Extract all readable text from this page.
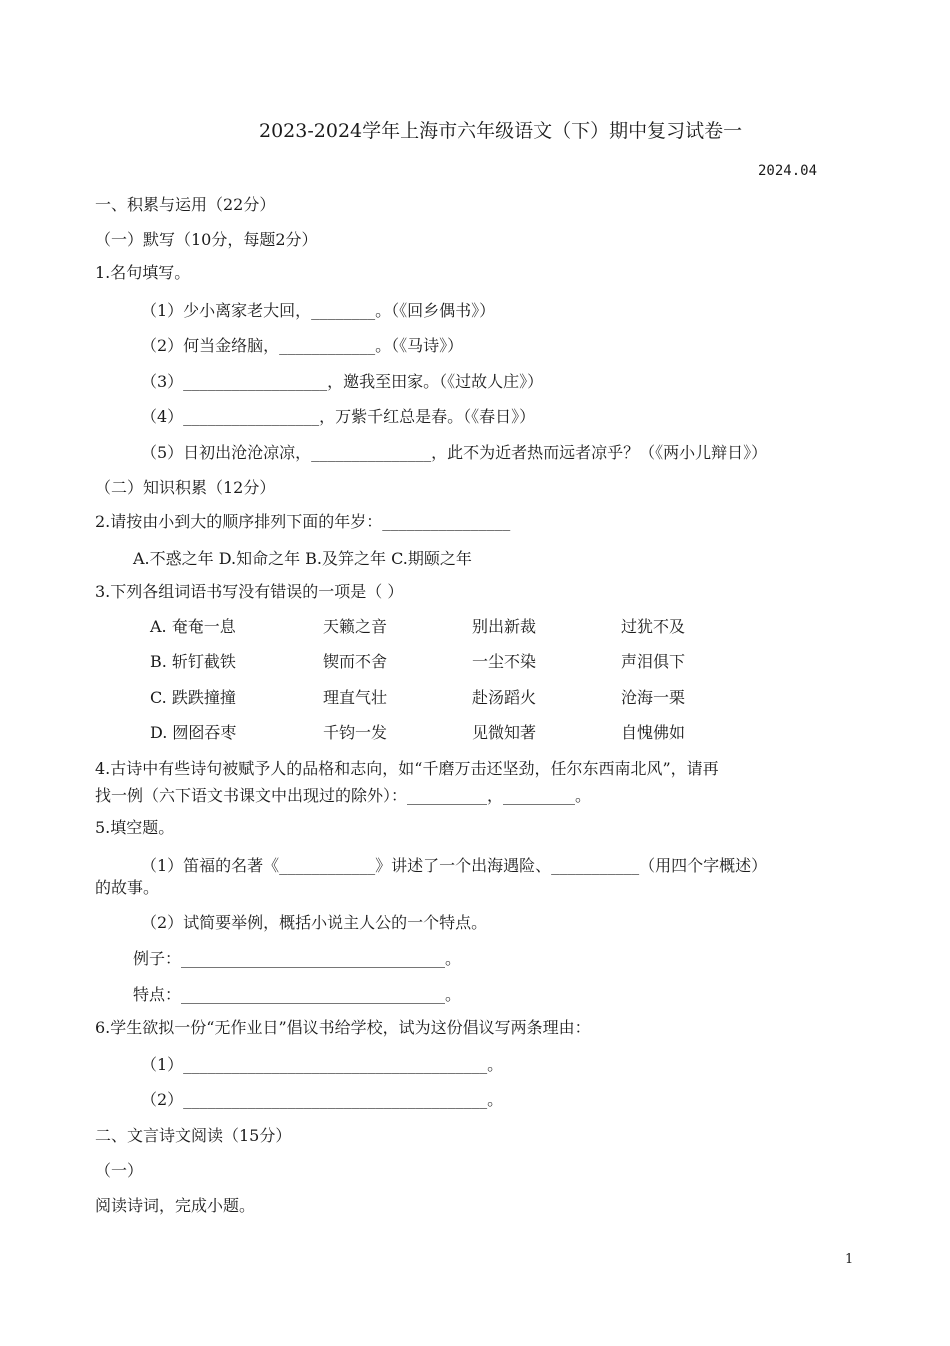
2023-2024学年上海市六年级语文（下）期中复习试卷一
2024.04
一、积累与运用（22分）
（一）默写（10分，每题2分）
1.名句填写。
（1）少小离家老大回，________。（《回乡偶书》）
（2）何当金络脑，____________。（《马诗》）
（3）__________________，邀我至田家。（《过故人庄》）
（4）_________________，万紫千红总是春。（《春日》）
（5）日初出沧沧凉凉，_______________，此不为近者热而远者凉乎？（《两小儿辩日》）
（二）知识积累（12分）
2.请按由小到大的顺序排列下面的年岁：________________
A.不惑之年 D.知命之年 B.及笄之年 C.期颐之年
3.下列各组词语书写没有错误的一项是（ ）
A. 奄奄一息	天籁之音	别出新裁	过犹不及
B. 斩钉截铁	锲而不舍	一尘不染	声泪俱下
C. 跌跌撞撞	理直气壮	赴汤蹈火	沧海一栗
D. 囫囵吞枣	千钧一发	见微知著	自愧佛如
4.古诗中有些诗句被赋予人的品格和志向，如“千磨万击还坚劲，任尔东西南北风”，请再
找一例（六下语文书课文中出现过的除外）：__________，_________。
5.填空题。
（1）笛福的名著《____________》讲述了一个出海遇险、___________（用四个字概述）
的故事。
（2）试简要举例，概括小说主人公的一个特点。
例子：_________________________________。
特点：_________________________________。
6.学生欲拟一份“无作业日”倡议书给学校，试为这份倡议写两条理由：
（1）______________________________________。
（2）______________________________________。
二、文言诗文阅读（15分）
（一）
阅读诗词，完成小题。
1
